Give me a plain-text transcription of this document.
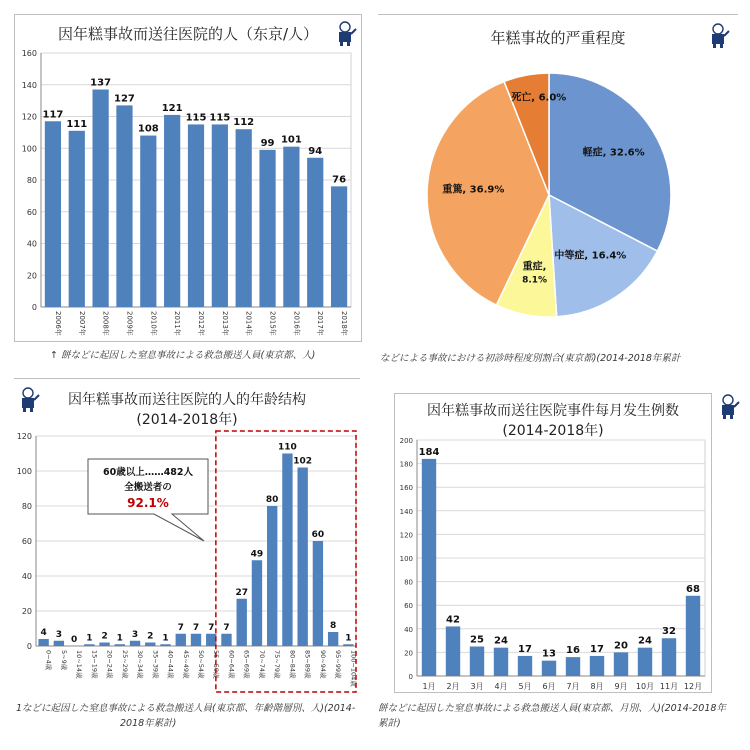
因年糕事故而送往医院的人（东京/人）
0
20
40
60
80
100
120
140
160
117
2006年
111
2007年
137
2008年
127
2009年
108
2010年
121
2011年
115
2012年
115
2013年
112
2014年
99
2015年
101
2016年
94
2017年
76
2018年
↑ 餅などに起因した窒息事故による救急搬送人員(東京都、人)
年糕事故的严重程度
軽症, 32.6%
中等症, 16.4%
重症,
8.1%
重篤, 36.9%
死亡, 6.0%
などによる事故における初診時程度別割合(東京都)(2014-2018年累計
因年糕事故而送往医院的人的年龄结构
(2014-2018年)
0
20
40
60
80
100
120
4
0~4歳
3
5~9歳
0
10~14歳
1
15~19歳
2
20~24歳
1
25~29歳
3
30~34歳
2
35~39歳
1
40~44歳
7
45~49歳
7
50~54歳
7
55~59歳
7
60~64歳
27
65~69歳
49
70~74歳
80
75~79歳
110
80~84歳
102
85~89歳
60
90~94歳
8
95~99歳
1
100~104歳
60歳以上……482人
全搬送者の
92.1%
1などに起因した窒息事故による救急搬送人員(東京都、年齢階層別、人)(2014-
2018年累計)
因年糕事故而送往医院事件每月发生例数
(2014-2018年)
0
20
40
60
80
100
120
140
160
180
200
184
1月
42
2月
25
3月
24
4月
17
5月
13
6月
16
7月
17
8月
20
9月
24
10月
32
11月
68
12月
餅などに起因した窒息事故による救急搬送人員(東京都、月別、人)(2014-2018年
累計)
